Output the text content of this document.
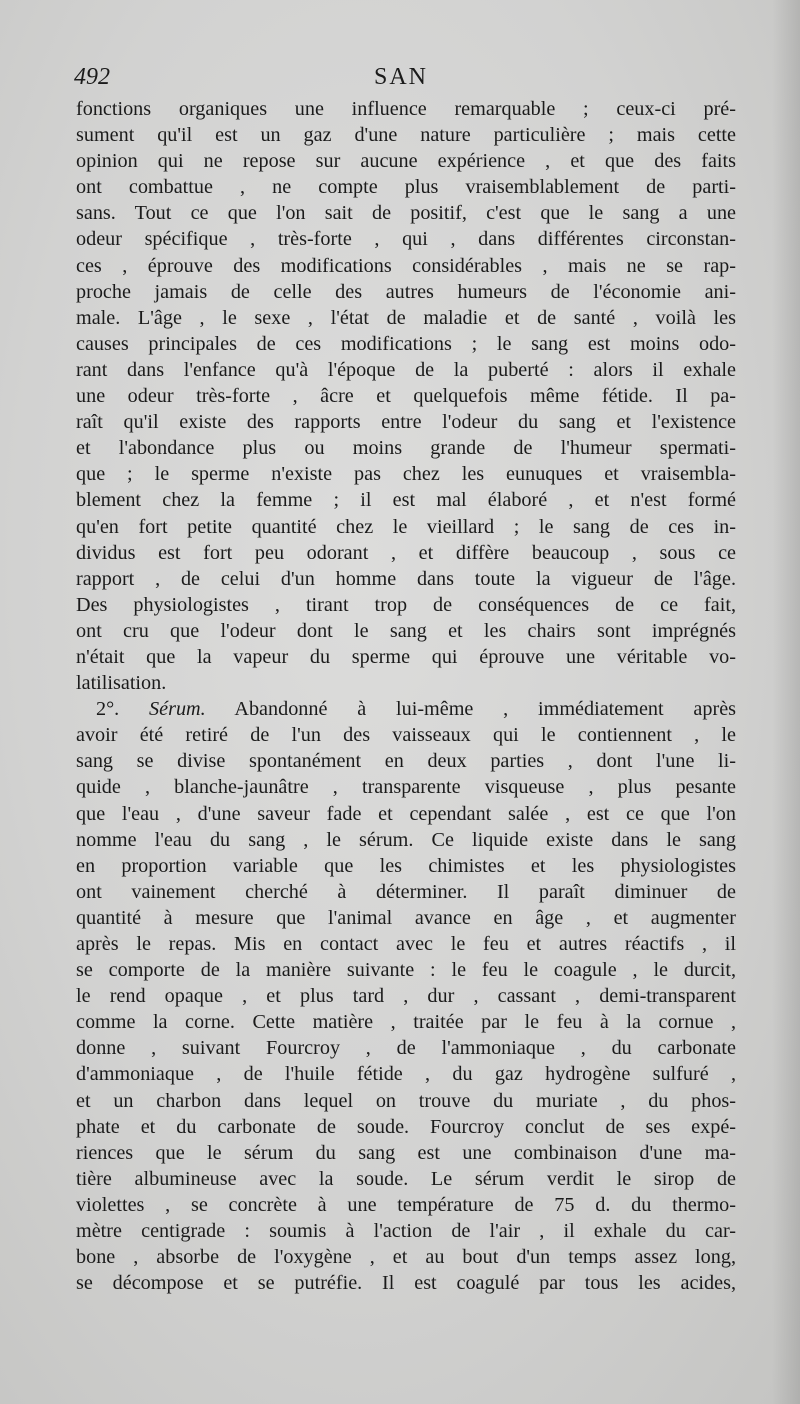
492	SAN
fonctions organiques une influence remarquable ; ceux-ci pré-
sument qu'il est un gaz d'une nature particulière ; mais cette
opinion qui ne repose sur aucune expérience , et que des faits
ont combattue , ne compte plus vraisemblablement de parti-
sans. Tout ce que l'on sait de positif, c'est que le sang a une
odeur spécifique , très-forte , qui , dans différentes circonstan-
ces , éprouve des modifications considérables , mais ne se rap-
proche jamais de celle des autres humeurs de l'économie ani-
male. L'âge , le sexe , l'état de maladie et de santé , voilà les
causes principales de ces modifications ; le sang est moins odo-
rant dans l'enfance qu'à l'époque de la puberté : alors il exhale
une odeur très-forte , âcre et quelquefois même fétide. Il pa-
raît qu'il existe des rapports entre l'odeur du sang et l'existence
et l'abondance plus ou moins grande de l'humeur spermati-
que ; le sperme n'existe pas chez les eunuques et vraisembla-
blement chez la femme ; il est mal élaboré , et n'est formé
qu'en fort petite quantité chez le vieillard ; le sang de ces in-
dividus est fort peu odorant , et diffère beaucoup , sous ce
rapport , de celui d'un homme dans toute la vigueur de l'âge.
Des physiologistes , tirant trop de conséquences de ce fait,
ont cru que l'odeur dont le sang et les chairs sont imprégnés
n'était que la vapeur du sperme qui éprouve une véritable vo-
latilisation.
2°. Sérum. Abandonné à lui-même , immédiatement après
avoir été retiré de l'un des vaisseaux qui le contiennent , le
sang se divise spontanément en deux parties , dont l'une li-
quide , blanche-jaunâtre , transparente visqueuse , plus pesante
que l'eau , d'une saveur fade et cependant salée , est ce que l'on
nomme l'eau du sang , le sérum. Ce liquide existe dans le sang
en proportion variable que les chimistes et les physiologistes
ont vainement cherché à déterminer. Il paraît diminuer de
quantité à mesure que l'animal avance en âge , et augmenter
après le repas. Mis en contact avec le feu et autres réactifs , il
se comporte de la manière suivante : le feu le coagule , le durcit,
le rend opaque , et plus tard , dur , cassant , demi-transparent
comme la corne. Cette matière , traitée par le feu à la cornue ,
donne , suivant Fourcroy , de l'ammoniaque , du carbonate
d'ammoniaque , de l'huile fétide , du gaz hydrogène sulfuré ,
et un charbon dans lequel on trouve du muriate , du phos-
phate et du carbonate de soude. Fourcroy conclut de ses expé-
riences que le sérum du sang est une combinaison d'une ma-
tière albumineuse avec la soude. Le sérum verdit le sirop de
violettes , se concrète à une température de 75 d. du thermo-
mètre centigrade : soumis à l'action de l'air , il exhale du car-
bone , absorbe de l'oxygène , et au bout d'un temps assez long,
se décompose et se putréfie. Il est coagulé par tous les acides,
